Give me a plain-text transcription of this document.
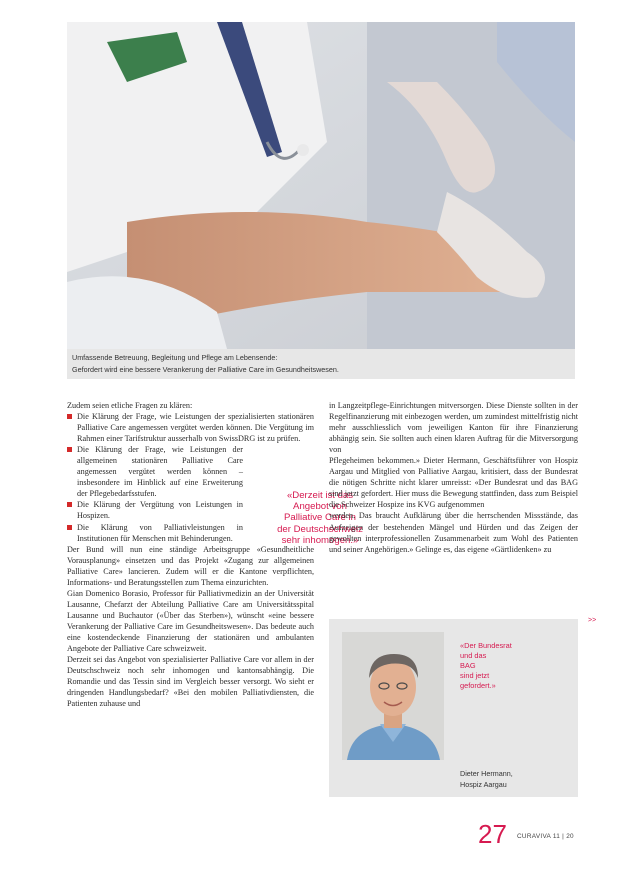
Umfassende Betreuung, Begleitung und Pflege am Lebensende:
Gefordert wird eine bessere Verankerung der Palliative Care im Gesundheitswesen.

Zudem seien etliche Fragen zu klären:

Die Klärung der Frage, wie Leistungen der spezialisierten stationären Palliative Care angemessen vergütet werden können. Die Vergütung im Rahmen einer Tarifstruktur ausserhalb von SwissDRG ist zu prüfen.
Die Klärung der Frage, wie Leistungen der allgemeinen stationären Palliative Care angemessen vergütet werden können – insbesondere im Hinblick auf eine Erweiterung der Pflegebedarfsstufen.
Die Klärung der Vergütung von Leistungen in Hospizen.
Die Klärung von Palliativleistungen in Institutionen für Menschen mit Behinderungen.

Der Bund will nun eine ständige Arbeitsgruppe «Gesundheitliche Vorausplanung» einsetzen und das Projekt «Zugang zur allgemeinen Palliative Care» lancieren. Zudem will er die Kantone verpflichten, Informations- und Beratungsstellen zum Thema einzurichten.

Gian Domenico Borasio, Professor für Palliativmedizin an der Universität Lausanne, Chefarzt der Abteilung Palliative Care am Universitätsspital Lausanne und Buchautor («Über das Sterben»), wünscht «eine bessere Verankerung der Palliative Care im Gesundheitswesen». Das bedeute auch eine kostendeckende Finanzierung der stationären und ambulanten Angebote der Palliative Care schweizweit.

Derzeit sei das Angebot von spezialisierter Palliative Care vor allem in der Deutschschweiz noch sehr inhomogen und kantonsabhängig. Die Romandie und das Tessin sind im Vergleich besser versorgt. Wo sieht er dringenden Handlungsbedarf? «Bei den mobilen Palliativdiensten, die Patienten zuhause und

«Derzeit ist das

Angebot von

Palliative Care in

der Deutschschweiz

sehr inhomogen.»

in Langzeitpflege-Einrichtungen mitversorgen. Diese Dienste sollten in der Regelfinanzierung mit einbezogen werden, um zumindest mittelfristig nicht mehr ausschliesslich vom jeweiligen Kanton für ihre Finanzierung abhängig sein. Sie sollten auch einen klaren Auftrag für die Mitversorgung von

Pflegeheimen bekommen.» Dieter Hermann, Geschäftsführer von Hospiz Aargau und Mitglied von Palliative Aargau, kritisiert, dass der Bundesrat die nötigen Schritte nicht klarer umreisst: «Der Bundesrat und das BAG sind jetzt gefordert. Hier muss die Bewegung stattfinden, dass zum Beispiel die Schweizer Hospize ins KVG aufgenommen

werden. Das braucht Aufklärung über die herrschenden Missstände, das Aufzeigen der bestehenden Mängel und Hürden und das Zeigen der gewollten interprofessionellen Zusammenarbeit zum Wohl des Patienten und seiner Angehörigen.» Gelinge es, das eigene «Gärtlidenken» zu

>>

«Der Bundesrat

und das

BAG

sind jetzt

gefordert.»

Dieter Hermann,

Hospiz Aargau

27 CURAVIVA 11 | 20
